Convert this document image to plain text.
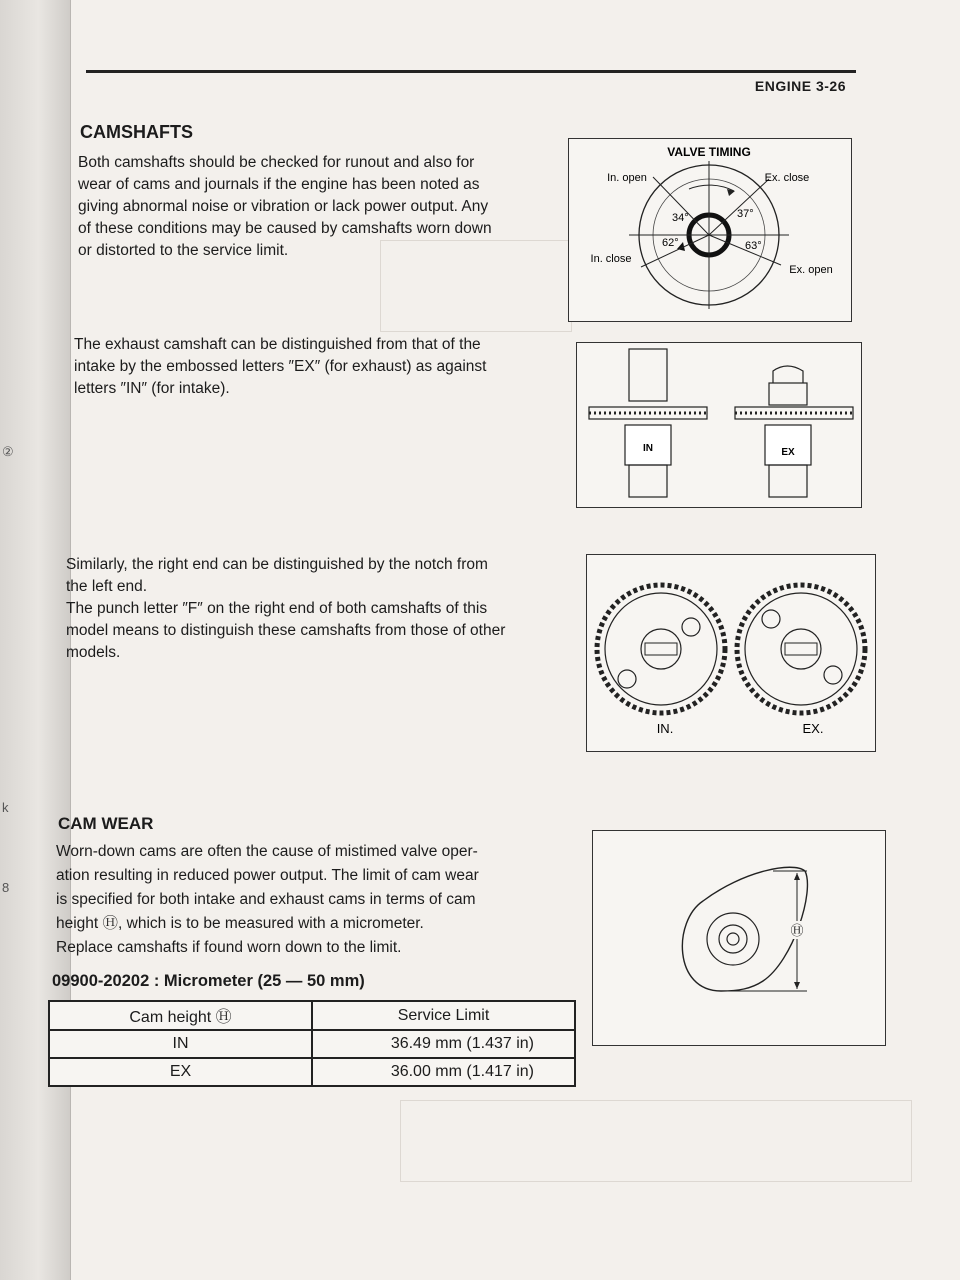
②
k
8
ENGINE 3-26
CAMSHAFTS
Both camshafts should be checked for runout and also for
wear of cams and journals if the engine has been noted as
giving abnormal noise or vibration or lack power output. Any
of these conditions may be caused by camshafts worn down
or distorted to the service limit.
VALVE TIMING
In. open	Ex. close
In. close
Ex. open
34°	37°
62°	63°
The exhaust camshaft can be distinguished from that of the
intake by the embossed letters ″EX″ (for exhaust) as against
letters ″IN″ (for intake).
IN	EX
Similarly, the right end can be distinguished by the notch from
the left end.
The punch letter ″F″ on the right end of both camshafts of this
model means to distinguish these camshafts from those of other
models.
IN.	EX.
CAM WEAR
Worn-down cams are often the cause of mistimed valve oper-
ation resulting in reduced power output. The limit of cam wear
is specified for both intake and exhaust cams in terms of cam
height Ⓗ, which is to be measured with a micrometer.
Replace camshafts if found worn down to the limit.
Ⓗ
09900-20202 : Micrometer (25 — 50 mm)
Cam height Ⓗ	Service Limit
IN	36.49 mm (1.437 in)
EX	36.00 mm (1.417 in)
